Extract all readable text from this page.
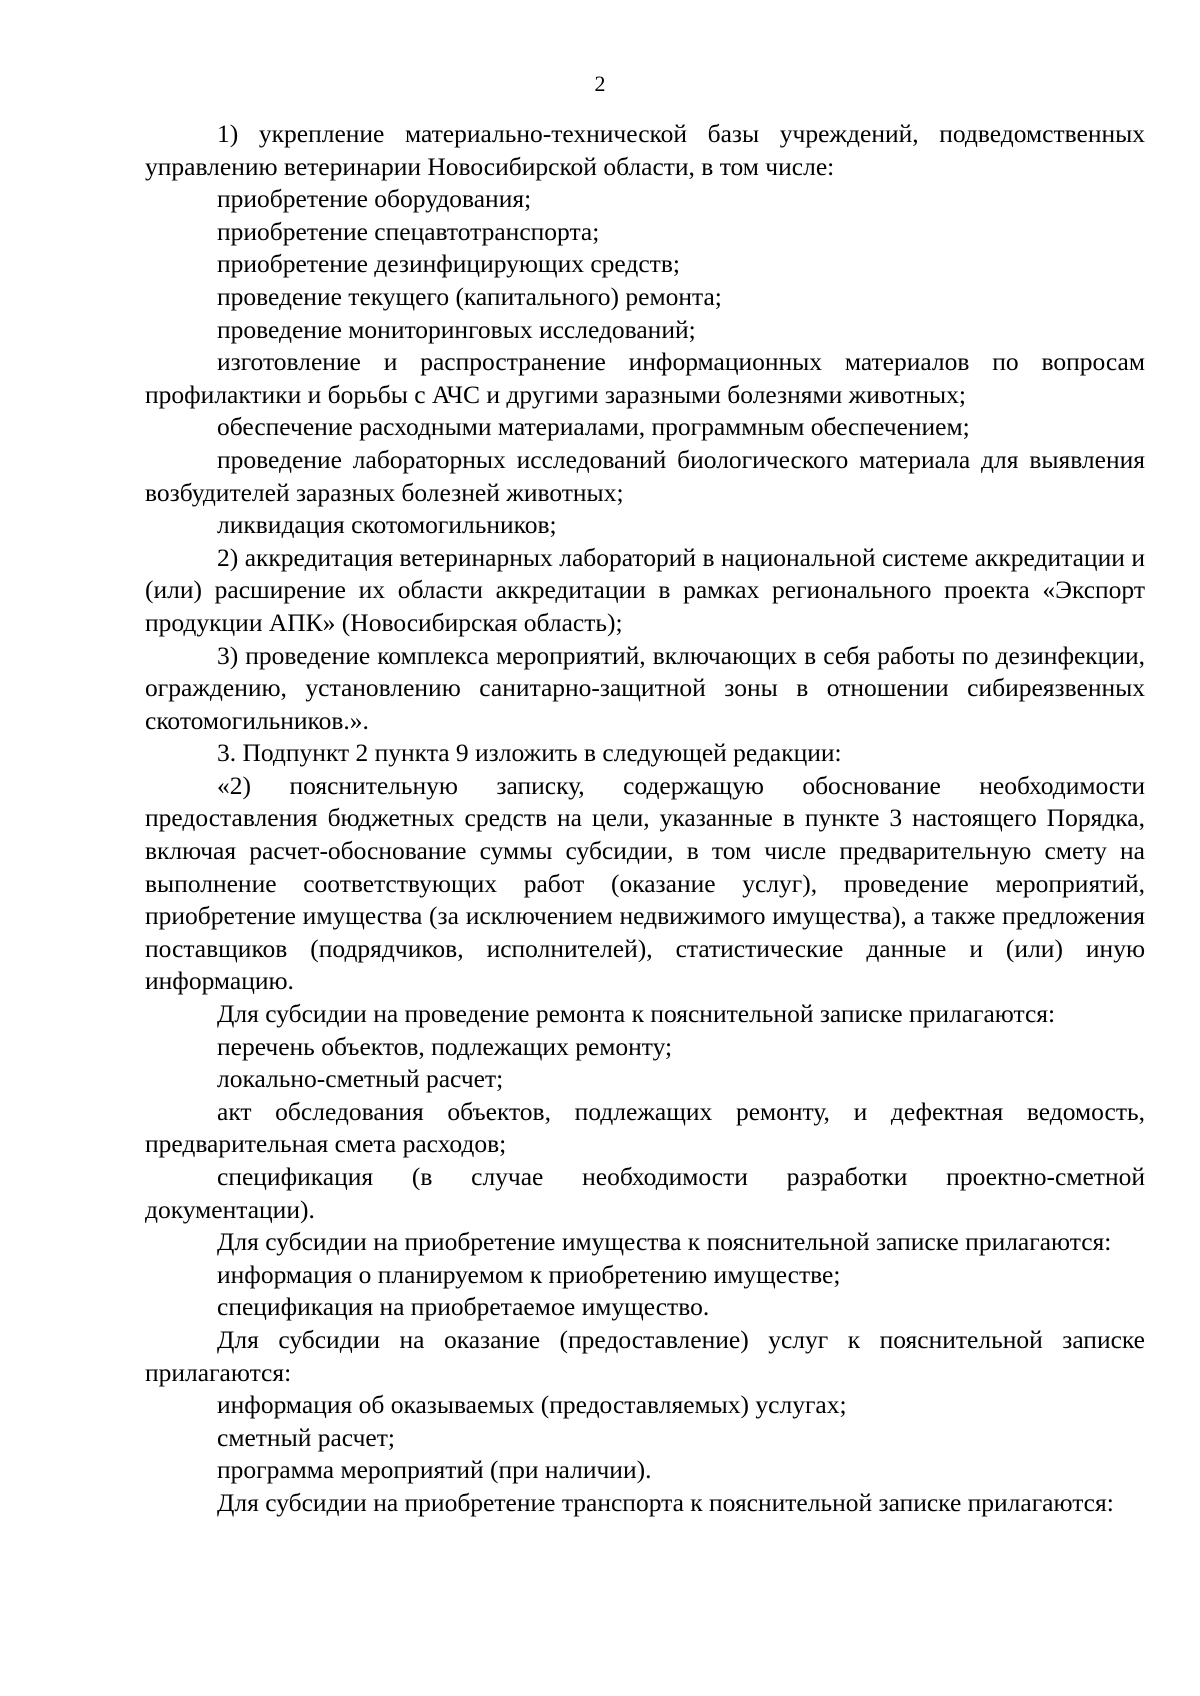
2

1) укрепление материально-технической базы учреждений, подведомственных управлению ветеринарии Новосибирской области, в том числе:

приобретение оборудования;

приобретение спецавтотранспорта;

приобретение дезинфицирующих средств;

проведение текущего (капитального) ремонта;

проведение мониторинговых исследований;

изготовление и распространение информационных материалов по вопросам профилактики и борьбы с АЧС и другими заразными болезнями животных;

обеспечение расходными материалами, программным обеспечением;

проведение лабораторных исследований биологического материала для выявления возбудителей заразных болезней животных;

ликвидация скотомогильников;

2) аккредитация ветеринарных лабораторий в национальной системе аккредитации и (или) расширение их области аккредитации в рамках регионального проекта «Экспорт продукции АПК» (Новосибирская область);

3) проведение комплекса мероприятий, включающих в себя работы по дезинфекции, ограждению, установлению санитарно-защитной зоны в отношении сибиреязвенных скотомогильников.».

3. Подпункт 2 пункта 9 изложить в следующей редакции:

«2) пояснительную записку, содержащую обоснование необходимости предоставления бюджетных средств на цели, указанные в пункте 3 настоящего Порядка, включая расчет-обоснование суммы субсидии, в том числе предварительную смету на выполнение соответствующих работ (оказание услуг), проведение мероприятий, приобретение имущества (за исключением недвижимого имущества), а также предложения поставщиков (подрядчиков, исполнителей), статистические данные и (или) иную информацию.

Для субсидии на проведение ремонта к пояснительной записке прилагаются:

перечень объектов, подлежащих ремонту;

локально-сметный расчет;

акт обследования объектов, подлежащих ремонту, и дефектная ведомость, предварительная смета расходов;

спецификация (в случае необходимости разработки проектно-сметной документации).

Для субсидии на приобретение имущества к пояснительной записке прилагаются:

информация о планируемом к приобретению имуществе;

спецификация на приобретаемое имущество.

Для субсидии на оказание (предоставление) услуг к пояснительной записке прилагаются:

информация об оказываемых (предоставляемых) услугах;

сметный расчет;

программа мероприятий (при наличии).

Для субсидии на приобретение транспорта к пояснительной записке прилагаются:
